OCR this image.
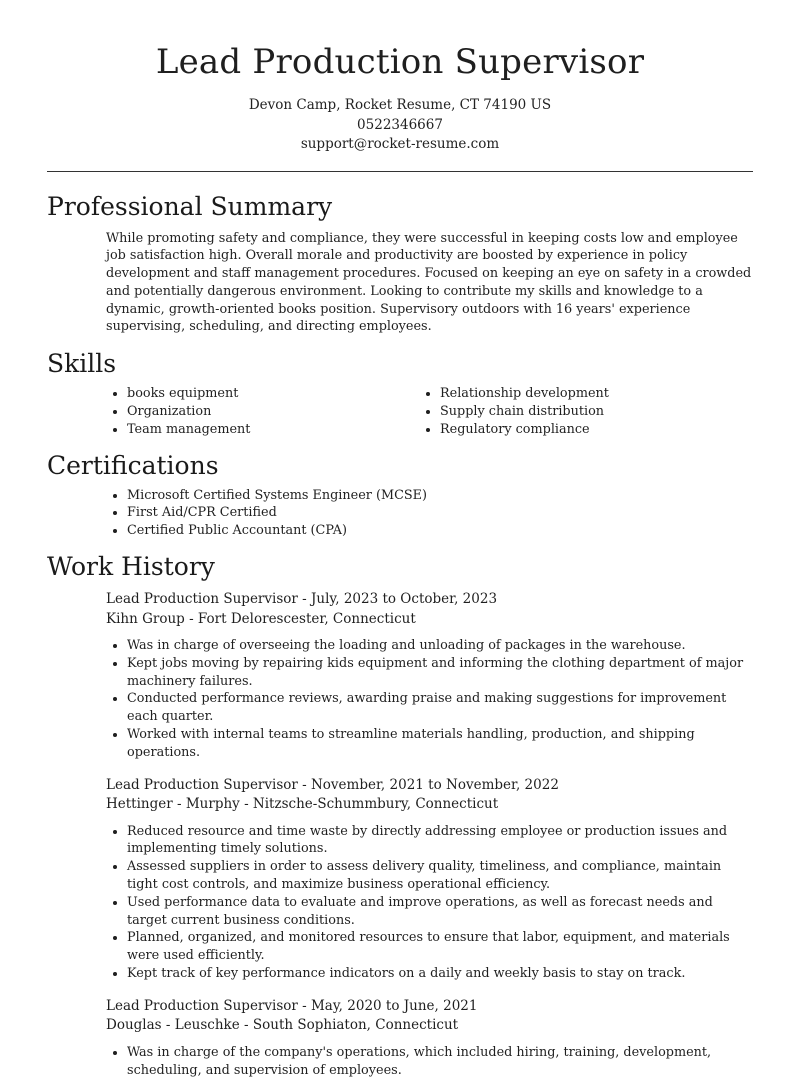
Lead Production Supervisor
Devon Camp, Rocket Resume, CT 74190 US
0522346667
support@rocket-resume.com
Professional Summary

While promoting safety and compliance, they were successful in keeping costs low and employee job satisfaction high. Overall morale and productivity are boosted by experience in policy development and staff management procedures. Focused on keeping an eye on safety in a crowded and potentially dangerous environment. Looking to contribute my skills and knowledge to a dynamic, growth-oriented books position. Supervisory outdoors with 16 years' experience supervising, scheduling, and directing employees.

Skills
• books equipment
• Organization
• Team management
• Relationship development
• Supply chain distribution
• Regulatory compliance
Certifications
• Microsoft Certified Systems Engineer (MCSE)
• First Aid/CPR Certified
• Certified Public Accountant (CPA)
Work History
Lead Production Supervisor - July, 2023 to October, 2023
Kihn Group - Fort Delorescester, Connecticut
• Was in charge of overseeing the loading and unloading of packages in the warehouse.
• Kept jobs moving by repairing kids equipment and informing the clothing department of major machinery failures.
• Conducted performance reviews, awarding praise and making suggestions for improvement each quarter.
• Worked with internal teams to streamline materials handling, production, and shipping operations.
Lead Production Supervisor - November, 2021 to November, 2022
Hettinger - Murphy - Nitzsche-Schummbury, Connecticut
• Reduced resource and time waste by directly addressing employee or production issues and implementing timely solutions.
• Assessed suppliers in order to assess delivery quality, timeliness, and compliance, maintain tight cost controls, and maximize business operational efficiency.
• Used performance data to evaluate and improve operations, as well as forecast needs and target current business conditions.
• Planned, organized, and monitored resources to ensure that labor, equipment, and materials were used efficiently.
• Kept track of key performance indicators on a daily and weekly basis to stay on track.
Lead Production Supervisor - May, 2020 to June, 2021
Douglas - Leuschke - South Sophiaton, Connecticut
• Was in charge of the company's operations, which included hiring, training, development, scheduling, and supervision of employees.
